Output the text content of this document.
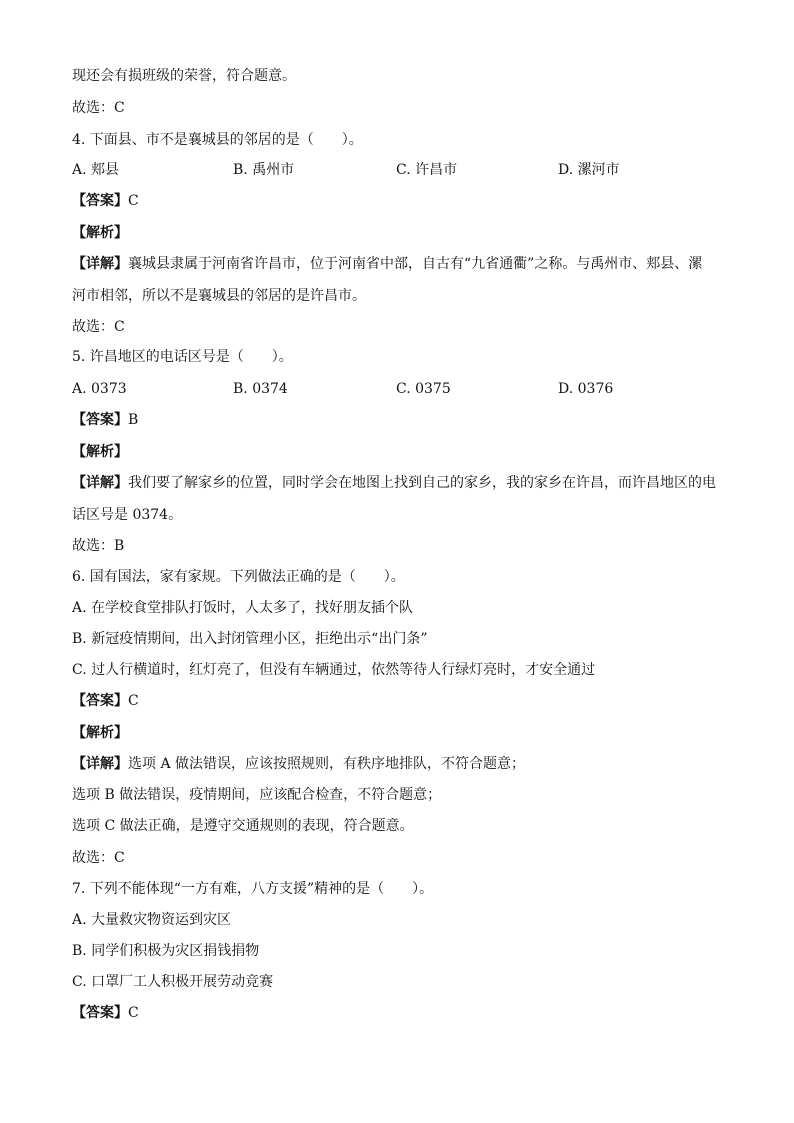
现还会有损班级的荣誉，符合题意。
故选：C
4. 下面县、市不是襄城县的邻居的是（　　）。
A. 郏县	B. 禹州市	C. 许昌市	D. 漯河市
【答案】C
【解析】
【详解】襄城县隶属于河南省许昌市，位于河南省中部，自古有“九省通衢”之称。与禹州市、郏县、漯
河市相邻，所以不是襄城县的邻居的是许昌市。
故选：C
5. 许昌地区的电话区号是（　　）。
A. 0373	B. 0374	C. 0375	D. 0376
【答案】B
【解析】
【详解】我们要了解家乡的位置，同时学会在地图上找到自己的家乡，我的家乡在许昌，而许昌地区的电
话区号是 0374。
故选：B
6. 国有国法，家有家规。下列做法正确的是（　　）。
A. 在学校食堂排队打饭时，人太多了，找好朋友插个队
B. 新冠疫情期间，出入封闭管理小区，拒绝出示“出门条”
C. 过人行横道时，红灯亮了，但没有车辆通过，依然等待人行绿灯亮时，才安全通过
【答案】C
【解析】
【详解】选项 A 做法错误，应该按照规则，有秩序地排队，不符合题意；
选项 B 做法错误，疫情期间，应该配合检查，不符合题意；
选项 C 做法正确，是遵守交通规则的表现，符合题意。
故选：C
7. 下列不能体现“一方有难，八方支援”精神的是（　　）。
A. 大量救灾物资运到灾区
B. 同学们积极为灾区捐钱捐物
C. 口罩厂工人积极开展劳动竞赛
【答案】C
